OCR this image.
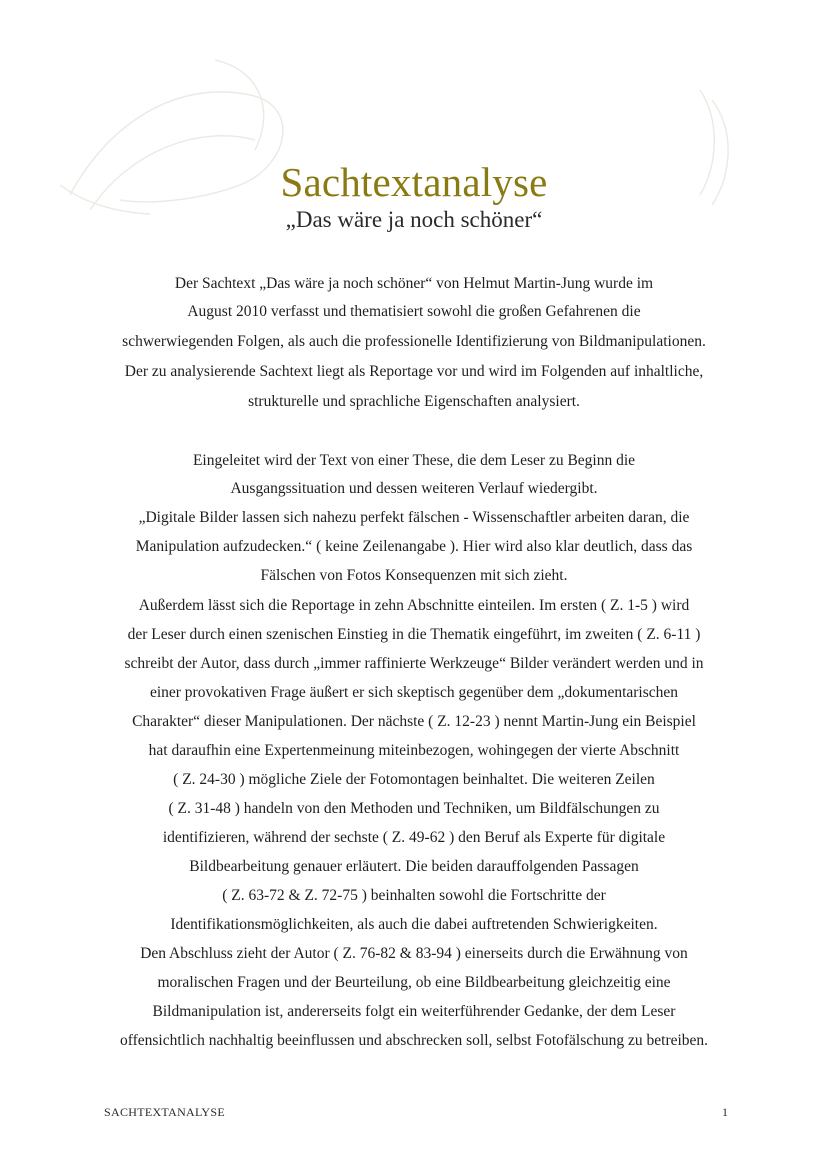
Sachtextanalyse
„Das wäre ja noch schöner“
Der Sachtext „Das wäre ja noch schöner“ von Helmut Martin-Jung wurde im
August 2010 verfasst und thematisiert sowohl die großen Gefahrenen die
schwerwiegenden Folgen, als auch die professionelle Identifizierung von Bildmanipulationen.
Der zu analysierende Sachtext liegt als Reportage vor und wird im Folgenden auf inhaltliche,
strukturelle und sprachliche Eigenschaften analysiert.
Eingeleitet wird der Text von einer These, die dem Leser zu Beginn die
Ausgangssituation und dessen weiteren Verlauf wiedergibt.
„Digitale Bilder lassen sich nahezu perfekt fälschen - Wissenschaftler arbeiten daran, die
Manipulation aufzudecken.“ ( keine Zeilenangabe ). Hier wird also klar deutlich, dass das
Fälschen von Fotos Konsequenzen mit sich zieht.
Außerdem lässt sich die Reportage in zehn Abschnitte einteilen. Im ersten ( Z. 1-5 ) wird
der Leser durch einen szenischen Einstieg in die Thematik eingeführt, im zweiten ( Z. 6-11 )
schreibt der Autor, dass durch „immer raffinierte Werkzeuge“ Bilder verändert werden und in
einer provokativen Frage äußert er sich skeptisch gegenüber dem „dokumentarischen
Charakter“ dieser Manipulationen. Der nächste ( Z. 12-23 ) nennt Martin-Jung ein Beispiel
hat daraufhin eine Expertenmeinung miteinbezogen, wohingegen der vierte Abschnitt
( Z. 24-30 ) mögliche Ziele der Fotomontagen beinhaltet. Die weiteren Zeilen
( Z. 31-48 ) handeln von den Methoden und Techniken, um Bildfälschungen zu
identifizieren, während der sechste ( Z. 49-62 ) den Beruf als Experte für digitale
Bildbearbeitung genauer erläutert. Die beiden darauffolgenden Passagen
( Z. 63-72 & Z. 72-75 ) beinhalten sowohl die Fortschritte der
Identifikationsmöglichkeiten, als auch die dabei auftretenden Schwierigkeiten.
Den Abschluss zieht der Autor ( Z. 76-82 & 83-94 ) einerseits durch die Erwähnung von
moralischen Fragen und der Beurteilung, ob eine Bildbearbeitung gleichzeitig eine
Bildmanipulation ist, andererseits folgt ein weiterführender Gedanke, der dem Leser
offensichtlich nachhaltig beeinflussen und abschrecken soll, selbst Fotofälschung zu betreiben.
SACHTEXTANALYSE	1
